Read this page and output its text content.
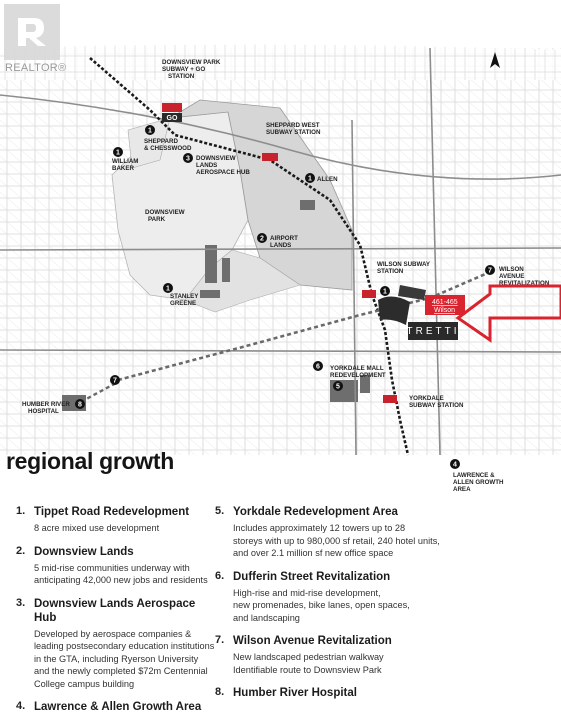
GO
1
1
3
1
2
1	1
6
5
7
7
8
4
DOWNSVIEW PARK
SUBWAY + GO
STATION
SHEPPARD WEST
SUBWAY STATION
SHEPPARD
& CHESSWOOD
WILLIAM
BAKER
DOWNSVIEW
LANDS
AEROSPACE HUB
ALLEN
DOWNSVIEW
PARK
AIRPORT
LANDS
WILSON SUBWAY
STATION	WILSON
AVENUE
REVITALIZATION
STANLEY
GREENE
YORKDALE MALL
REDEVELOPMENT
HUMBER RIVER
HOSPITAL
YORKDALE
SUBWAY STATION
TRETTI
461-465
Wilson
REALTOR®
regional growth
1. Tippet Road Redevelopment
8 acre mixed use development
2. Downsview Lands
5 mid-rise communities underway with
anticipating 42,000 new jobs and residents
3. Downsview Lands Aerospace Hub
Developed by aerospace companies &
leading postsecondary education institutions
in the GTA, including Ryerson University
and the newly completed $72m Centennial
College campus building
4. Lawrence & Allen Growth Area
5. Yorkdale Redevelopment Area
Includes approximately 12 towers up to 28
storeys with up to 980,000 sf retail, 240 hotel units,
and over 2.1 million sf new office space
6. Dufferin Street Revitalization
High-rise and mid-rise development,
new promenades, bike lanes, open spaces,
and landscaping
7. Wilson Avenue Revitalization
New landscaped pedestrian walkway
Identifiable route to Downsview Park
8. Humber River Hospital
LAWRENCE &
ALLEN GROWTH
AREA
